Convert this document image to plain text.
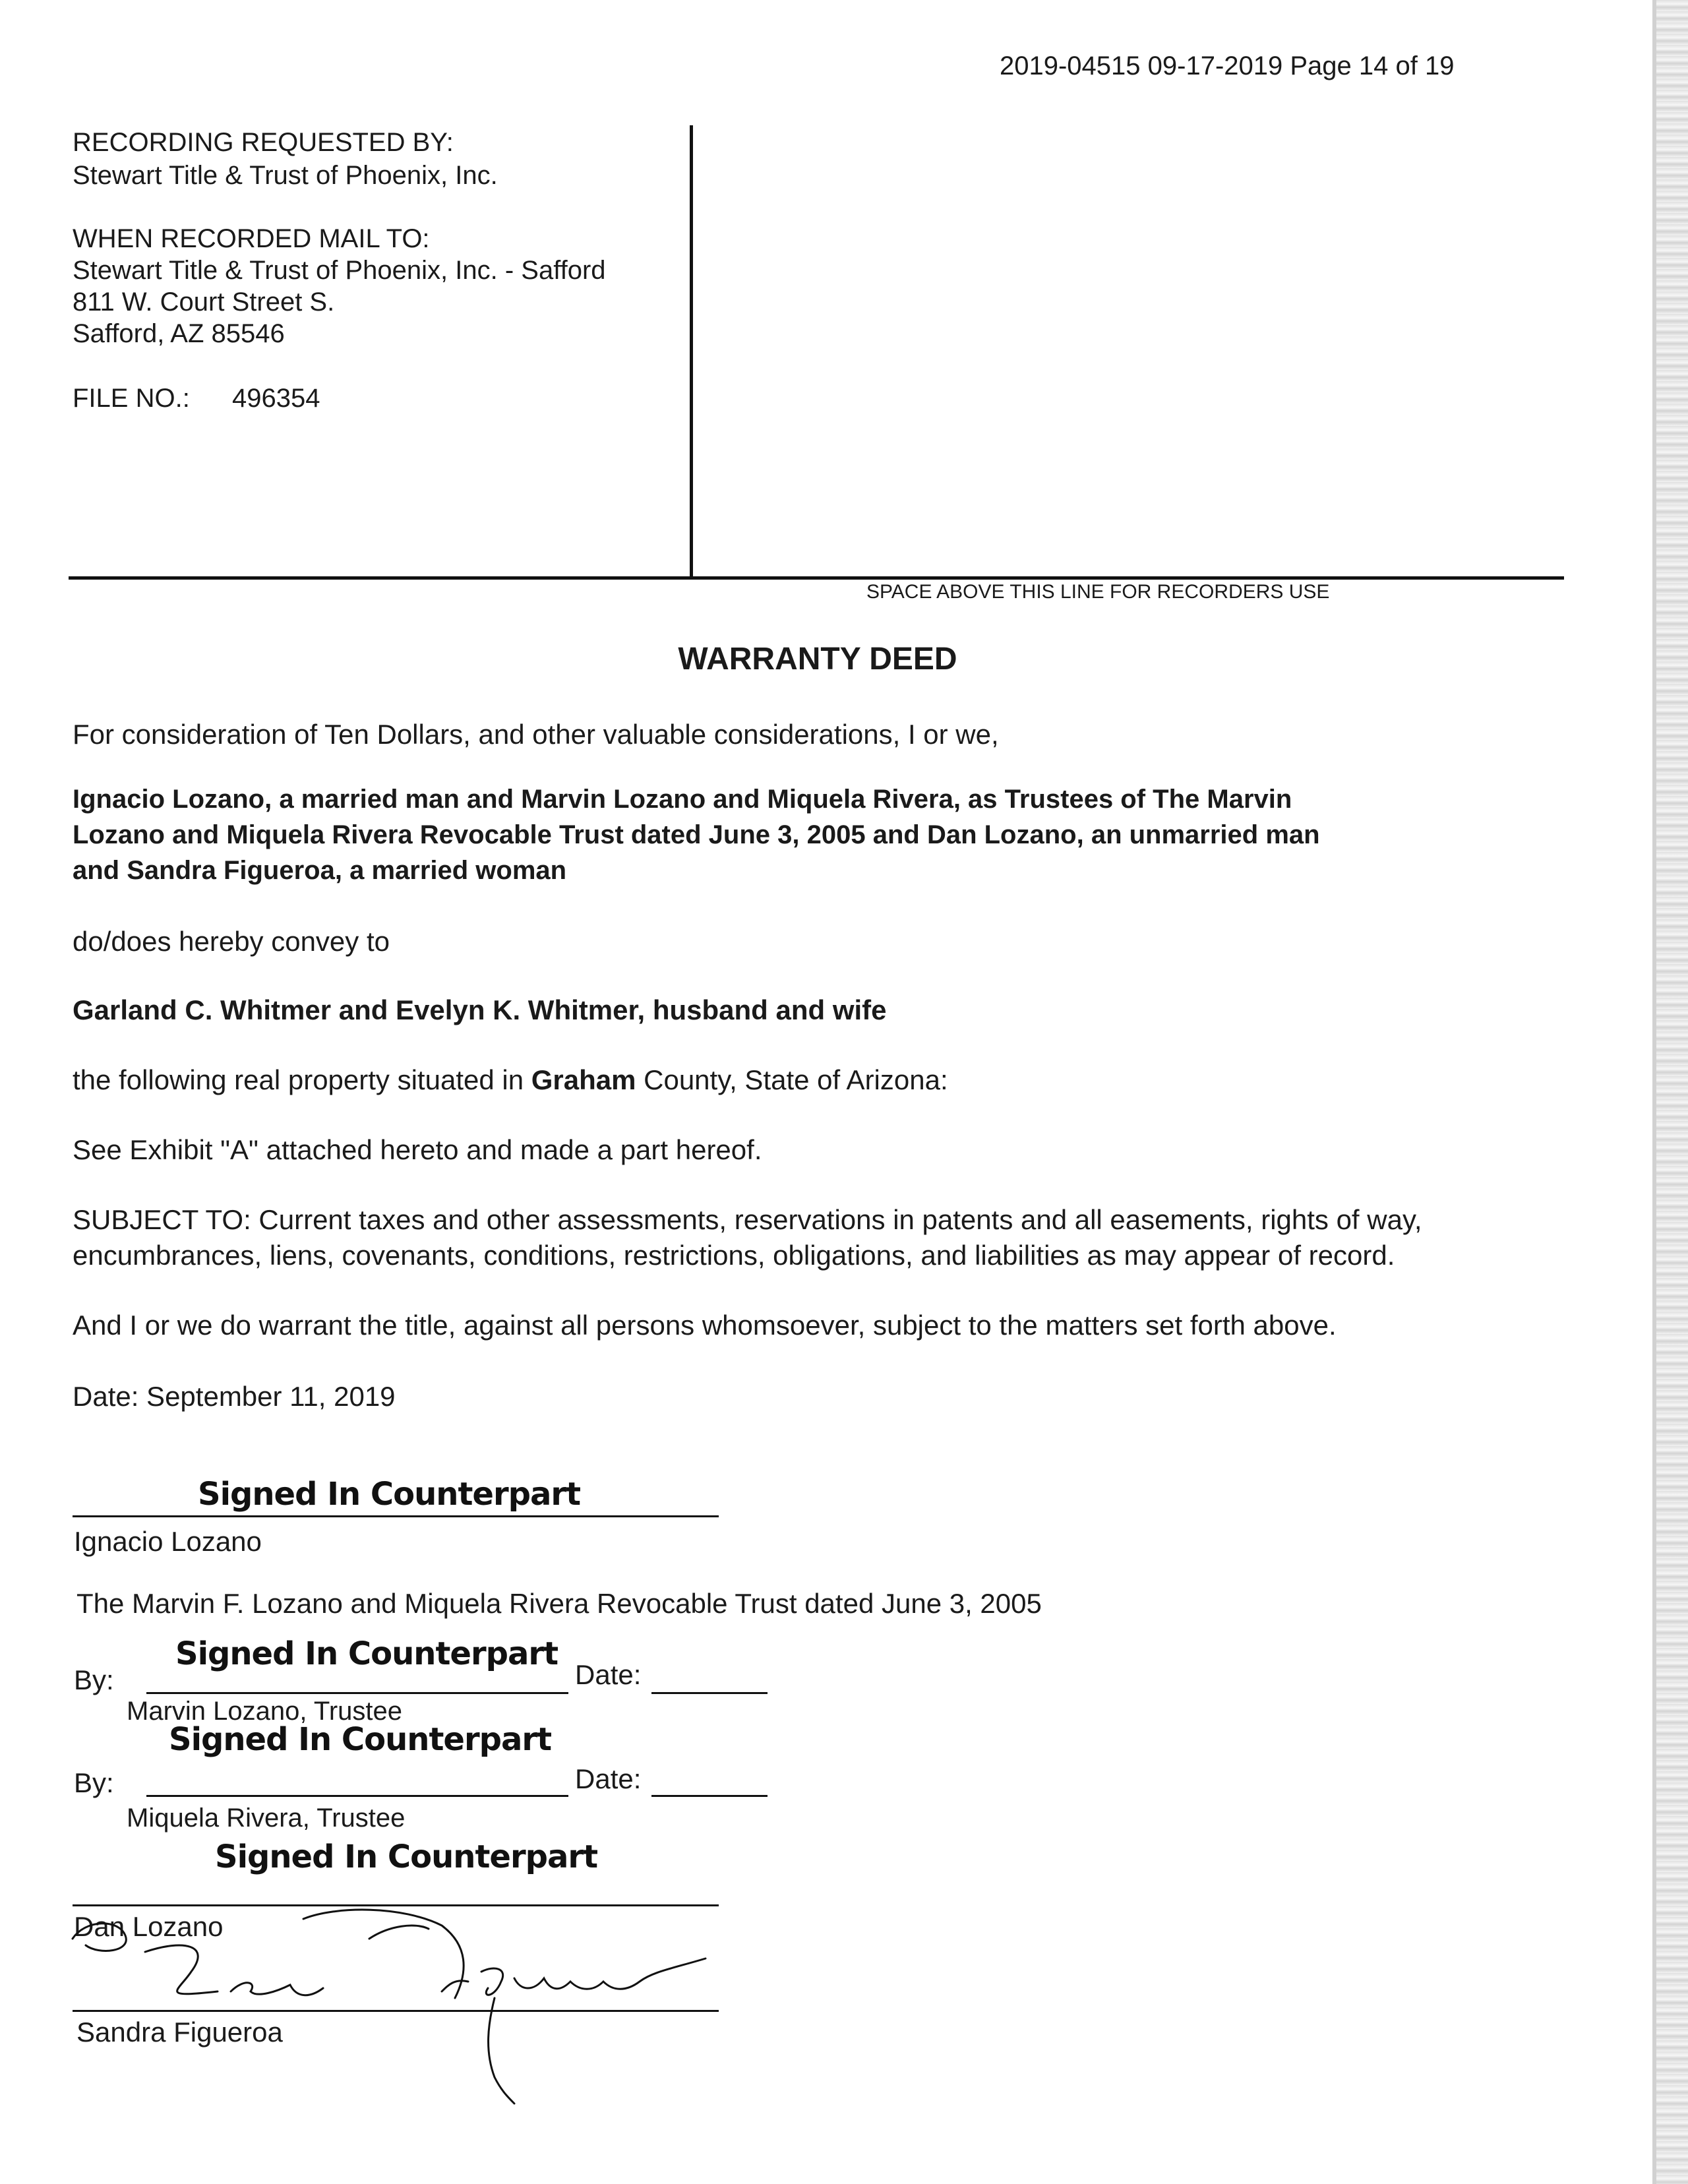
2019-04515 09-17-2019 Page 14 of 19
RECORDING REQUESTED BY:
Stewart Title & Trust of Phoenix, Inc.
WHEN RECORDED MAIL TO:
Stewart Title & Trust of Phoenix, Inc. - Safford
811 W. Court Street S.
Safford, AZ 85546
FILE NO.: 496354
SPACE ABOVE THIS LINE FOR RECORDERS USE
WARRANTY DEED
For consideration of Ten Dollars, and other valuable considerations, I or we,
Ignacio Lozano, a married man and Marvin Lozano and Miquela Rivera, as Trustees of The Marvin
Lozano and Miquela Rivera Revocable Trust dated June 3, 2005 and Dan Lozano, an unmarried man
and Sandra Figueroa, a married woman
do/does hereby convey to
Garland C. Whitmer and Evelyn K. Whitmer, husband and wife
the following real property situated in Graham County, State of Arizona:
See Exhibit "A" attached hereto and made a part hereof.
SUBJECT TO: Current taxes and other assessments, reservations in patents and all easements, rights of way,
encumbrances, liens, covenants, conditions, restrictions, obligations, and liabilities as may appear of record.
And I or we do warrant the title, against all persons whomsoever, subject to the matters set forth above.
Date: September 11, 2019
Signed In Counterpart
Ignacio Lozano
The Marvin F. Lozano and Miquela Rivera Revocable Trust dated June 3, 2005
Signed In Counterpart
By:	Date:
Marvin Lozano, Trustee
Signed In Counterpart
By:	Date:
Miquela Rivera, Trustee
Signed In Counterpart
Dan Lozano
Sandra Figueroa
